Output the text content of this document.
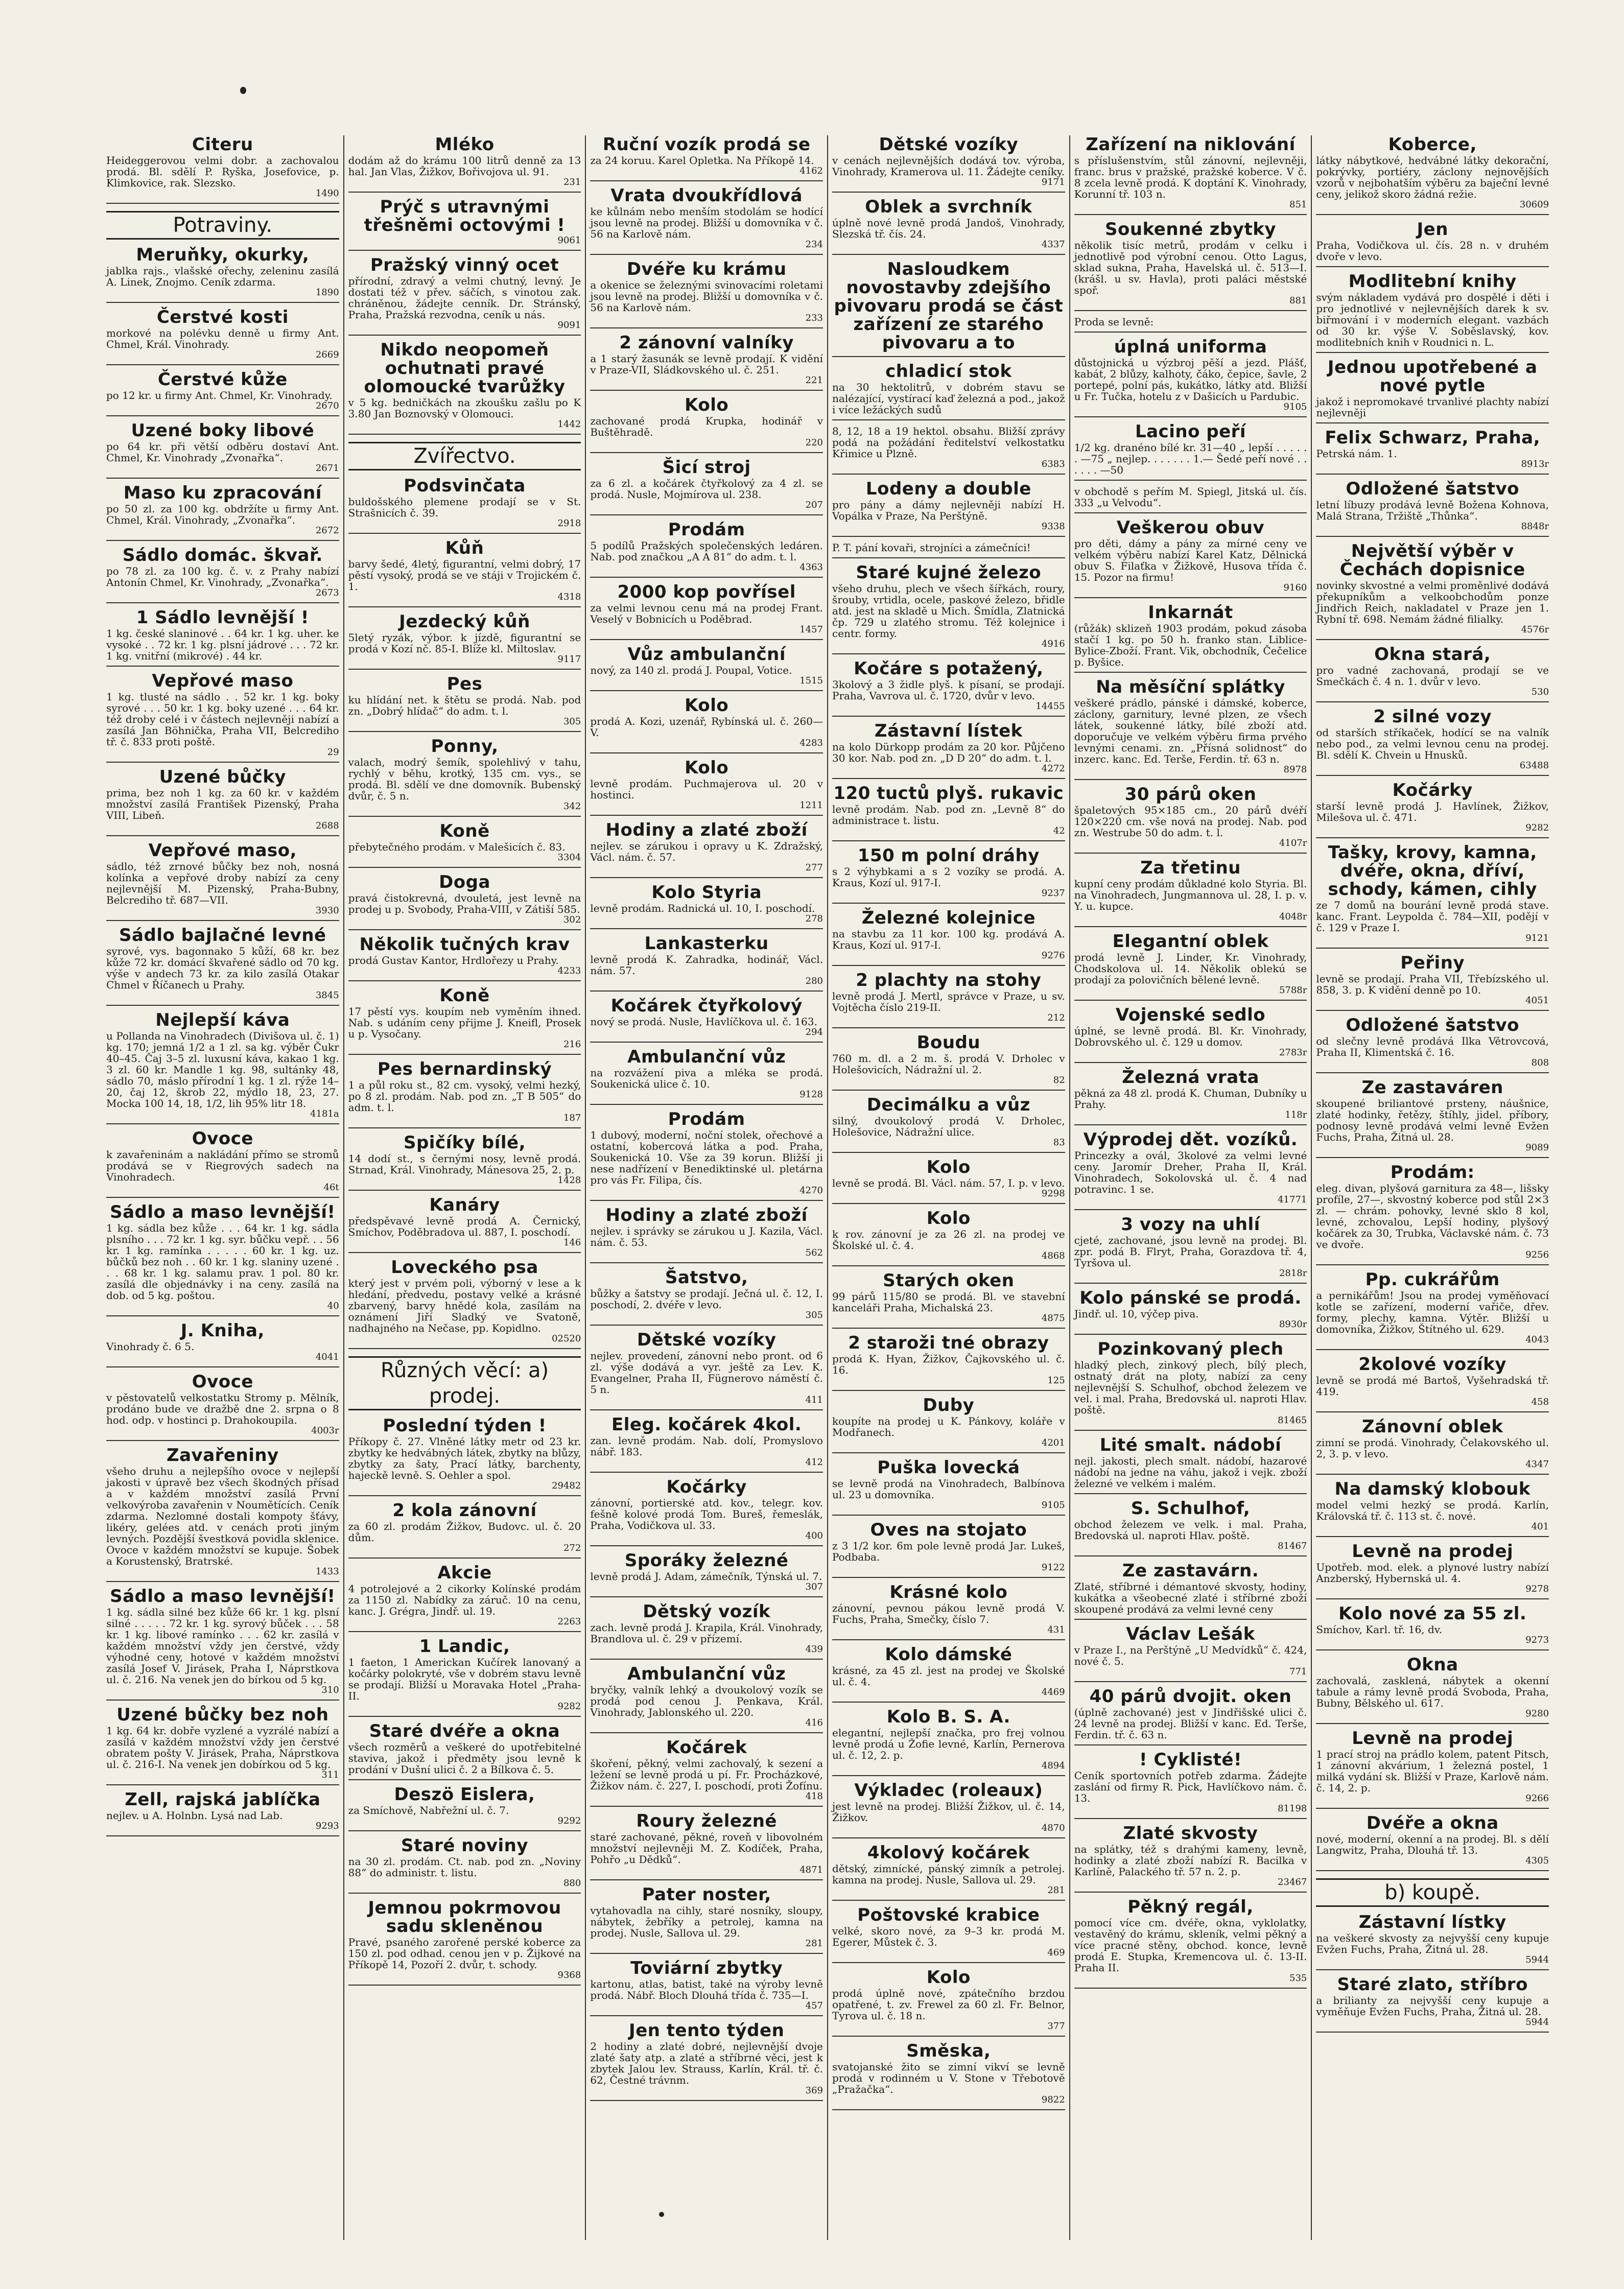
Citeru

Heideggerovou velmi dobr. a zachovalou prodá. Bl. sdělí P. Ryška, Josefovice, p. Klimkovice, rak. Slezsko.

1490
Potraviny.
Meruňky, okurky,

jablka rajs., vlašské ořechy, zeleninu zasílá A. Linek, Znojmo. Ceník zdarma.

1890
Čerstvé kosti

morkové na polévku denně u firmy Ant. Chmel, Král. Vinohrady.

2669
Čerstvé kůže

po 12 kr. u firmy Ant. Chmel, Kr. Vinohrady.

2670
Uzené boky libové

po 64 kr. při větší odběru dostaví Ant. Chmel, Kr. Vinohrady „Zvonařka“.

2671
Maso ku zpracování

po 50 zl. za 100 kg. obdržíte u firmy Ant. Chmel, Král. Vinohrady, „Zvonařka“.

2672
Sádlo domác. škvař.

po 78 zl. za 100 kg. č. v. z Prahy nabízí Antonín Chmel, Kr. Vinohrady, „Zvonařka“.

2673
1 Sádlo levnější !

1 kg. české slaninové . . 64 kr. 1 kg. uher. ke vysoké . . 72 kr. 1 kg. plsní jádrové . . . 72 kr. 1 kg. vnitřní (mikrové) . 44 kr.

Vepřové maso

1 kg. tlusté na sádlo . . 52 kr. 1 kg. boky syrové . . . 50 kr. 1 kg. boky uzené . . . 64 kr. též droby celé i v částech nejlevněji nabízí a zasílá Jan Böhnička, Praha VII, Belcrediho tř. č. 833 proti poště.

29
Uzené bůčky

prima, bez noh 1 kg. za 60 kr. v každém množství zasílá František Pizenský, Praha VIII, Libeň.

2688
Vepřové maso,

sádlo, též zrnové bůčky bez noh, nosná kolínka a vepřové droby nabízí za ceny nejlevnější M. Pizenský, Praha-Bubny, Belcrediho tř. 687—VII.

3930
Sádlo bajlačné levné

syrové, vys. bagonnako 5 kůží, 68 kr. bez kůže 72 kr. domácí škvařené sádlo od 70 kg. výše v andech 73 kr. za kilo zasílá Otakar Chmel v Říčanech u Prahy.

3845
Nejlepší káva

u Pollanda na Vinohradech (Divišova ul. č. 1) kg. 170; jemná 1/2 a 1 zl. sa kg. výběr Čukr 40–45. Čaj 3–5 zl. luxusní káva, kakao 1 kg. 3 zl. 60 kr. Mandle 1 kg. 98, sultánky 48, sádlo 70, máslo přírodní 1 kg. 1 zl. rýže 14–20, čaj 12, škrob 22, mýdlo 18, 23, 27. Mocka 100 14, 18, 1/2, lih 95% litr 18.

4181a
Ovoce

k zavařeninám a nakládání přímo se stromů prodává se v Riegrových sadech na Vinohradech.

46t
Sádlo a maso levnější!

1 kg. sádla bez kůže . . . 64 kr. 1 kg. sádla plsního . . . 72 kr. 1 kg. syr. bůčku vepř. . . 56 kr. 1 kg. ramínka . . . . . 60 kr. 1 kg. uz. bůčků bez noh . . 60 kr. 1 kg. slaniny uzené . . . 68 kr. 1 kg. salamu prav. 1 pol. 80 kr. zasílá dle objednávky i na ceny. zasílá na dob. od 5 kg. poštou.

40
J. Kniha,

Vinohrady č. 6 5.

4041
Ovoce

v pěstovatelů velkostatku Stromy p. Mělník, prodáno bude ve dražbě dne 2. srpna o 8 hod. odp. v hostinci p. Drahokoupila.

4003r
Zavařeniny

všeho druhu a nejlepšího ovoce v nejlepší jakosti v úpravě bez všech škodných přísad a v každém množství zasílá První velkovýroba zavařenin v Noumětících. Ceník zdarma. Nezlomné dostali kompoty šťávy, likéry, gelées atd. v cenách proti jiným levných. Pozdější švestková povidla sklenice. Ovoce v každém množství se kupuje. Šobek a Korustenský, Bratrské.

1433
Sádlo a maso levnější!

1 kg. sádla silné bez kůže 66 kr. 1 kg. plsní silné . . . . . 72 kr. 1 kg. syrový bůček . . . 58 kr. 1 kg. libové ramínko . . . 62 kr. zasílá v každém množství vždy jen čerstvé, vždy výhodné ceny, hotové v každém množství zasílá Josef V. Jirásek, Praha I, Náprstkova ul. č. 216. Na venek jen do bírkou od 5 kg.

310
Uzené bůčky bez noh

1 kg. 64 kr. dobře vyzlené a vyzrálé nabízí a zasílá v každém množství vždy jen čerstvé obratem pošty V. Jirásek, Praha, Náprstkova ul. č. 216-I. Na venek jen dobírkou od 5 kg.

311
Zell, rajská jablíčka

nejlev. u A. Holnbn. Lysá nad Lab.

9293
Mléko

dodám až do krámu 100 litrů denně za 13 hal. Jan Vlas, Žižkov, Bořivojova ul. 91.

231
Prýč s utravnými třešněmi octovými !
9061
Pražský vinný ocet

přírodní, zdravý a velmi chutný, levný. Je dostati též v přev. sáčích, s vinotou zak. chráněnou, žádejte cenník. Dr. Stránský, Praha, Pražská rezvodna, ceník u nás.

9091
Nikdo neopomeň ochutnati pravé olomoucké tvarůžky

v 5 kg. bedničkách na zkoušku zašlu po K 3.80 Jan Boznovský v Olomouci.

1442
Zvířectvo.
Podsvinčata

buldošského plemene prodají se v St. Strašnicích č. 39.

2918
Kůň

barvy šedé, 4letý, figurantní, velmi dobrý, 17 pěstí vysoký, prodá se ve stáji v Trojickém č. 1.

4318
Jezdecký kůň

5letý ryzák, výbor. k jízdě, figurantní se prodá v Kozí nč. 85-I. Blíže kl. Miltoslav.

9117
Pes

ku hlídání net. k štětu se prodá. Nab. pod zn. „Dobrý hlídač“ do adm. t. l.

305
Ponny,

valach, modrý šemík, spolehlivý v tahu, rychlý v běhu, krotký, 135 cm. vys., se prodá. Bl. sdělí ve dne domovník. Bubenský dvůr, č. 5 n.

342
Koně

přebytečného prodám. v Malešicích č. 83.

3304
Doga

pravá čistokrevná, dvouletá, jest levně na prodej u p. Svobody, Praha-VIII, v Zátiší 585.

302
Několik tučných krav

prodá Gustav Kantor, Hrdlořezy u Prahy.

4233
Koně

17 pěstí vys. koupím neb vyměním ihned. Nab. s udáním ceny přijme J. Kneifl, Prosek u p. Vysočany.

216
Pes bernardinský

1 a půl roku st., 82 cm. vysoký, velmi hezký, po 8 zl. prodám. Nab. pod zn. „T B 505“ do adm. t. l.

187
Spičíky bílé,

14 dodí st., s černými nosy, levně prodá. Strnad, Král. Vinohrady, Mánesova 25, 2. p.

1428
Kanáry

předspěvavé levně prodá A. Černický, Smíchov, Poděbradova ul. 887, I. poschodí.

146
Loveckého psa

který jest v prvém poli, výborný v lese a k hledání, předvedu, postavy velké a krásné zbarvený, barvy hnědé kola, zasílám na oznámení Jiří Sladký ve Svatoně, nadhajného na Nečase, pp. Kopidlno.

02520
Různých věcí: a) prodej.
Poslední týden !

Příkopy č. 27. Vlněné látky metr od 23 kr. zbytky ke hedvábných látek, zbytky na blůzy, zbytky za šaty, Prací látky, barchenty, hajeckě levně. S. Oehler a spol.

29482
2 kola zánovní

za 60 zl. prodám Žižkov, Budovc. ul. č. 20 dům.

272
Akcie

4 potrolejové a 2 cikorky Kolínské prodám za 1150 zl. Nabídky za záruč. 10 na cenu, kanc. J. Grégra, Jindř. ul. 19.

2263
1 Landic,

1 faeton, 1 Americkan Kučírek lanovaný a kočárky polokryté, vše v dobrém stavu levně se prodají. Bližší u Moravaka Hotel „Praha-II.

9282
Staré dvéře a okna

všech rozměrů a veškeré do upotřebitelné staviva, jakož i předměty jsou levně k prodání v Dušní ulici č. 2 a Bílkova č. 5.

Deszö Eislera,

za Smíchově, Nabřežní ul. č. 7.

9292
Staré noviny

na 30 zl. prodám. Ct. nab. pod zn. „Noviny 88“ do administr. t. listu.

880
Jemnou pokrmovou sadu skleněnou

Pravé, psaného zarořené perské koberce za 150 zl. pod odhad. cenou jen v p. Žijkové na Příkopě 14, Pozoří 2. dvůr, t. schody.

9368
Ruční vozík prodá se

za 24 koruu. Karel Opletka. Na Příkopě 14.

4162
Vrata dvoukřídlová

ke kůlnám nebo menším stodolám se hodící jsou levně na prodej. Bližší u domovníka v č. 56 na Karlově nám.

234
Dvéře ku krámu

a okenice se železnými svinovacími roletami jsou levně na prodej. Bližší u domovníka v č. 56 na Karlově nám.

233
2 zánovní valníky

a 1 starý žasunák se levně prodají. K vidění v Praze-VII, Sládkovského ul. č. 251.

221
Kolo

zachované prodá Krupka, hodinář v Buštěhradě.

220
Šicí stroj

za 6 zl. a kočárek čtyřkolový za 4 zl. se prodá. Nusle, Mojmírova ul. 238.

207
Prodám

5 podílů Pražských společenských ledáren. Nab. pod značkou „A A 81“ do adm. t. l.

4363
2000 kop povřísel

za velmi levnou cenu má na prodej Frant. Veselý v Bobnicích u Poděbrad.

1457
Vůz ambulanční

nový, za 140 zl. prodá J. Poupal, Votice.

1515
Kolo

prodá A. Kozi, uzenář, Rybínská ul. č. 260—V.

4283
Kolo

levně prodám. Puchmajerova ul. 20 v hostinci.

1211
Hodiny a zlaté zboží

nejlev. se zárukou i opravy u K. Zdražský, Václ. nám. č. 57.

277
Kolo Styria

levně prodám. Radnická ul. 10, I. poschodí.

278
Lankasterku

levně prodá K. Zahradka, hodinář, Václ. nám. 57.

280
Kočárek čtyřkolový

nový se prodá. Nusle, Havlíčkova ul. č. 163.

294
Ambulanční vůz

na rozvážení piva a mléka se prodá. Soukenická ulice č. 10.

9128
Prodám

1 dubový, moderní, noční stolek, ořechové a ostatní, kobercová látka a pod. Praha, Soukenická 10. Vše za 39 korun. Bližší ji nese nadřízení v Benediktinské ul. pletárna pro vás Fr. Filipa, čís.

4270
Hodiny a zlaté zboží

nejlev. i správky se zárukou u J. Kazila, Václ. nám. č. 53.

562
Šatstvo,

bůžky a šatstvy se prodají. Ječná ul. č. 12, I. poschodí, 2. dvéře v levo.

305
Dětské vozíky

nejlev. provedení, zánovní nebo pront. od 6 zl. výše dodává a vyr. ještě za Lev. K. Evangelner, Praha II, Fügnerovo náměstí č. 5 n.

411
Eleg. kočárek 4kol.

zan. levně prodám. Nab. dolí, Promyslovo nábř. 183.

412
Kočárky

zánovní, portierské atd. kov., telegr. kov. fešně kolové prodá Tom. Bureš, řemeslák, Praha, Vodičkova ul. 33.

400
Sporáky železné

levně prodá J. Adam, zámečník, Týnská ul. 7.

307
Dětský vozík

zach. levně prodá J. Krapila, Král. Vinohrady, Brandlova ul. č. 29 v přízemí.

439
Ambulanční vůz

bryčky, valník lehký a dvoukolový vozík se prodá pod cenou J. Penkava, Král. Vinohrady, Jablonského ul. 220.

416
Kočárek

škoření, pěkný, velmi zachovalý, k sezení a ležení se levně prodá u pí. Fr. Procházkové, Žižkov nám. č. 227, I. poschodí, proti Žofínu.

418
Roury železné

staré zachované, pěkné, roveň v libovolném množství nejlevněji M. Z. Kodíček, Praha, Pohřo „u Dědků“.

4871
Pater noster,

vytahovadla na cihly, staré nosníky, sloupy, nábytek, žebříky a petrolej, kamna na prodej. Nusle, Sallova ul. 29.

281
Toviární zbytky

kartonu, atlas, batist, také na výroby levně prodá. Nábř. Bloch Dlouhá třída č. 735—I.

457
Jen tento týden

2 hodiny a zlaté dobré, nejlevnější dvoje zlaté šaty atp. a zlaté a stříbrné věci, jest k zbytek Jalou lev. Strauss, Karlín, Král. tř. č. 62, Čestné trávnm.

369
Dětské vozíky

v cenách nejlevnějších dodává tov. výroba, Vinohrady, Kramerova ul. 11. Žádejte ceníky.

9171
Oblek a svrchník

úplně nové levně prodá Jandoš, Vinohrady, Slezská tř. čís. 24.

4337
Nasloudkem novostavby zdejšího pivovaru prodá se část zařízení ze starého pivovaru a to
chladicí stok

na 30 hektolitrů, v dobrém stavu se nalézající, vystírací kaď železná a pod., jakož i více ležáckých sudů

8, 12, 18 a 19 hektol. obsahu. Bližší zprávy podá na požádání ředitelství velkostatku Křimice u Plzně.

6383
Lodeny a double

pro pány a dámy nejlevněji nabízí H. Vopálka v Praze, Na Perštýně.

9338

P. T. pání kovaři, strojníci a zámečníci!

Staré kujné železo

všeho druhu, plech ve všech šířkách, roury, šrouby, vrtidla, ocele, paskové železo, břidle atd. jest na skladě u Mich. Šmídla, Zlatnická čp. 729 u zlatého stromu. Též kolejnice i centr. formy.

4916
Kočáre s potažený,

3kolový a 3 židle plyš. k písaní, se prodají. Praha, Vavrova ul. č. 1720, dvůr v levo.

14455
Zástavní lístek

na kolo Dürkopp prodám za 20 kor. Půjčeno 30 kor. Nab. pod zn. „D D 20“ do adm. t. l.

4272
120 tuctů plyš. rukavic

levně prodám. Nab. pod zn. „Levně 8“ do administrace t. listu.

42
150 m polní dráhy

s 2 výhybkami a s 2 vozíky se prodá. A. Kraus, Kozí ul. 917-I.

9237
Železné kolejnice

na stavbu za 11 kor. 100 kg. prodává A. Kraus, Kozí ul. 917-I.

9276
2 plachty na stohy

levně prodá J. Mertl, správce v Praze, u sv. Vojtěcha číslo 219-II.

212
Boudu

760 m. dl. a 2 m. š. prodá V. Drholec v Holešovicích, Nádražní ul. 2.

82
Decimálku a vůz

silný, dvoukolový prodá V. Drholec, Holešovice, Nádražní ulice.

83
Kolo

levně se prodá. Bl. Václ. nám. 57, I. p. v levo.

9298
Kolo

k rov. zánovní je za 26 zl. na prodej ve Školské ul. č. 4.

4868
Starých oken

99 párů 115/80 se prodá. Bl. ve stavební kanceláři Praha, Michalská 23.

4875
2 staroži tné obrazy

prodá K. Hyan, Žižkov, Čajkovského ul. č. 16.

125
Duby

koupíte na prodej u K. Pánkovy, koláře v Modřanech.

4201
Puška lovecká

se levně prodá na Vinohradech, Balbínova ul. 23 u domovníka.

9105
Oves na stojato

z 3 1/2 kor. 6m pole levně prodá Jar. Lukeš, Podbaba.

9122
Krásné kolo

zánovní, pevnou pákou levně prodá V. Fuchs, Praha, Smečky, číslo 7.

431
Kolo dámské

krásné, za 45 zl. jest na prodej ve Školské ul. č. 4.

4469
Kolo B. S. A.

elegantní, nejlepší značka, pro frej volnou levně prodá u Žofie levné, Karlín, Pernerova ul. č. 12, 2. p.

4894
Výkladec (roleaux)

jest levně na prodej. Bližší Žižkov, ul. č. 14, Žižkov.

4870
4kolový kočárek

dětský, zimnícké, pánský zimník a petrolej. kamna na prodej. Nusle, Sallova ul. 29.

281
Poštovské krabice

velké, skoro nové, za 9–3 kr. prodá M. Egerer, Můstek č. 3.

469
Kolo

prodá úplně nové, zpátečního brzdou opatřené, t. zv. Frewel za 60 zl. Fr. Belnor, Tyrova ul. č. 18 n.

377
Směska,

svatojanské žito se zimní vikví se levně prodá v rodinném u V. Stone v Třebotově „Pražačka“.

9822
Zařízení na niklování

s příslušenstvím, stůl zánovní, nejlevněji, franc. brus v pražské, pražské koberce. V č. 8 zcela levně prodá. K doptání K. Vinohrady, Korunní tř. 103 n.

851
Soukenné zbytky

několik tisíc metrů, prodám v celku i jednotlivě pod výrobní cenou. Otto Lagus, sklad sukna, Praha, Havelská ul. č. 513—I. (krášl. u sv. Havla), proti paláci městské spoř.

881

Proda se levně:

úplná uniforma

důstojnická u výzbroj pěší a jezd. Plášť, kabát, 2 blůzy, kalhoty, čáko, čepice, šavle, 2 portepé, polní pás, kukátko, látky atd. Bližší u Fr. Tučka, hotelu z v Dašicích u Pardubic.

9105
Lacino peří

1/2 kg. dranéno bílé kr. 31—40 „ lepší . . . . . . —75 „ nejlep. . . . . . . 1.— Šedé peří nové . . . . . . —50

v obchodě s peřím M. Spiegl, Jitská ul. čís. 333 „u Velvodu“.

Veškerou obuv

pro děti, dámy a pány za mírné ceny ve velkém výběru nabízí Karel Katz, Dělnická obuv S. Filaťka v Žižkově, Husova třída č. 15. Pozor na firmu!

9160
Inkarnát

(růžák) sklizeň 1903 prodám, pokud zásoba stačí 1 kg. po 50 h. franko stan. Liblice-Bylice-Zboží. Frant. Vik, obchodník, Čečelice p. Byšice.

Na měsíční splátky

veškeré prádlo, pánské i dámské, koberce, záclony, garnitury, levné plzen, ze všech látek, soukenné látky, bílé zboží atd. doporučuje ve velkém výběru firma prvého levnými cenami. zn. „Přísná solidnost“ do inzerc. kanc. Ed. Terše, Ferdin. tř. 63 n.

8978
30 párů oken

špaletových 95×185 cm., 20 párů dvéří 120×220 cm. vše nová na prodej. Nab. pod zn. Westrube 50 do adm. t. l.

4107r
Za třetinu

kupní ceny prodám důkladné kolo Styria. Bl. na Vinohradech, Jungmannova ul. 28, I. p. v. Y. u. kupce.

4048r
Elegantní oblek

prodá levně J. Linder, Kr. Vinohrady, Chodskolova ul. 14. Několik oblekú se prodají za polovičních bělené levně.

5788r
Vojenské sedlo

úplné, se levně prodá. Bl. Kr. Vinohrady, Dobrovského ul. č. 129 u domov.

2783r
Železná vrata

pěkná za 48 zl. prodá K. Chuman, Dubníky u Prahy.

118r
Výprodej dět. vozíků.

Princezky a ovál, 3kolové za velmi levné ceny. Jaromír Dreher, Praha II, Král. Vinohradech, Sokolovská ul. č. 4 nad potravinc. 1 se.

41771
3 vozy na uhlí

cjeté, zachované, jsou levně na prodej. Bl. zpr. podá B. Flryt, Praha, Gorazdova tř. 4, Tyršova ul.

2818r
Kolo pánské se prodá.

Jindř. ul. 10, výčep piva.

8930r
Pozinkovaný plech

hladký plech, zinkový plech, bílý plech, ostnatý drát na ploty, nabízí za ceny nejlevnější S. Schulhof, obchod železem ve vel. i mal. Praha, Bredovská ul. naproti Hlav. poště.

81465
Lité smalt. nádobí

nejl. jakosti, plech smalt. nádobí, hazarové nádobí na jedne na váhu, jakož i vejk. zboží železné ve velkém i malém.

S. Schulhof,

obchod železem ve velk. i mal. Praha, Bredovská ul. naproti Hlav. poště.

81467
Ze zastavárn.

Zlaté, stříbrné i démantové skvosty, hodiny, kukátka a všeobecné zlaté i stříbrné zboží skoupené prodává za velmi levné ceny

Václav Lešák

v Praze I., na Perštýně „U Medvídků“ č. 424, nové č. 5.

771
40 párů dvojit. oken

(úplně zachované) jest v Jindřišské ulici č. 24 levně na prodej. Bližší v kanc. Ed. Terše, Ferdin. tř. č. 63 n.

! Cyklisté!

Ceník sportovních potřeb zdarma. Žádejte zaslání od firmy R. Pick, Havlíčkovo nám. č. 13.

81198
Zlaté skvosty

na splátky, též s drahými kameny, levně, hodinky a zlaté zboží nabízí R. Bacilka v Karlíně, Palackého tř. 57 n. 2. p.

23467
Pěkný regál,

pomocí více cm. dvéře, okna, vyklolatky, vestavěný do krámu, skleník, velmi pěkný a více pracné stěny, obchod. konce, levně prodá E. Stupka, Kremencova ul. č. 13-II. Praha II.

535
Koberce,

látky nábytkové, hedvábné látky dekorační, pokrývky, portiéry, záclony nejnovějších vzorů v nejbohatším výběru za baječní levné ceny, jelikož skoro žádná režie.

30609
Jen

Praha, Vodičkova ul. čís. 28 n. v druhém dvoře v levo.

Modlitební knihy

svým nákladem vydává pro dospělé i děti i pro jednotlivé v nejlevnějších darek k sv. biřmování i v moderních elegant. vazbách od 30 kr. výše V. Soběslavský, kov. modlitebních knih v Roudnici n. L.

Jednou upotřebené a nové pytle

jakož i nepromokavé trvanlivé plachty nabízí nejlevněji

Felix Schwarz, Praha,

Petrská nám. 1.

8913r
Odložené šatstvo

letní líbuzy prodává levně Božena Kohnova, Malá Strana, Tržiště „Thůnka“.

8848r
Největší výběr v Čechách dopisnice

novinky skvostné a velmi proměnlivé dodává překupníkům a velkoobchodům ponze Jindřich Reich, nakladatel v Praze jen 1. Rybní tř. 698. Nemám žádné filialky.

4576r
Okna stará,

pro vadné zachovaná, prodají se ve Smečkách č. 4 n. 1. dvůr v levo.

530
2 silné vozy

od starších stříkaček, hodící se na valník nebo pod., za velmi levnou cenu na prodej. Bl. sdělí K. Chvein u Hnusků.

63488
Kočárky

starší levně prodá J. Havlínek, Žižkov, Milešova ul. č. 471.

9282
Tašky, krovy, kamna, dvéře, okna, dříví, schody, kámen, cihly

ze 7 domů na bourání levně prodá stave. kanc. Frant. Leypolda č. 784—XII, podějí v č. 129 v Praze I.

9121
Peřiny

levně se prodají. Praha VII, Třebízského ul. 858, 3. p. K vidění denně po 10.

4051
Odložené šatstvo

od slečny levně prodává Ilka Větrovcová, Praha II, Klimentská č. 16.

808
Ze zastaváren

skoupené briliantové prsteny, náušnice, zlaté hodinky, řetězy, štíhly, jidel. příbory, podnosy levně prodává velmi levně Evžen Fuchs, Praha, Žitná ul. 28.

9089
Prodám:

eleg. divan, plyšová garnitura za 48—, lišsky profíle, 27—, skvostný koberce pod stůl 2×3 zl. — chrám. pohovky, levné sklo 8 kol, levné, zchovalou, Lepší hodiny, plyšový kočárek za 30, Trubka, Václavské nám. č. 73 ve dvoře.

9256
Pp. cukrářům

a pernikářům! Jsou na prodej vyměňovací kotle se zařízení, moderní vařiče, dřev. formy, plechy, kamna. Výtěr. Bližší u domovníka, Žižkov, Štítného ul. 629.

4043
2kolové vozíky

levně se prodá mé Bartoš, Vyšehradská tř. 419.

458
Zánovní oblek

zimní se prodá. Vinohrady, Čelakovského ul. 2, 3. p. v levo.

4347
Na damský klobouk

model velmi hezký se prodá. Karlín, Královská tř. č. 113 st. č. nové.

401
Levně na prodej

Upotřeb. mod. elek. a plynové lustry nabízí Anzberský, Hybernská ul. 4.

9278
Kolo nové za 55 zl.

Smíchov, Karl. tř. 16, dv.

9273
Okna

zachovalá, zasklená, nábytek a okenní tabule a rámy levně prodá Svoboda, Praha, Bubny, Bělského ul. 617.

9280
Levně na prodej

1 prací stroj na prádlo kolem, patent Pitsch, 1 zánovní akvárium, 1 železná postel, 1 milká vydání sk. Bližší v Praze, Karlově nám. č. 14, 2. p.

9266
Dvéře a okna

nové, moderní, okenní a na prodej. Bl. s dělí Langwitz, Praha, Dlouhá tř. 13.

4305
b) koupě.
Zástavní lístky

na veškeré skvosty za nejvyšší ceny kupuje Evžen Fuchs, Praha, Žitná ul. 28.

5944
Staré zlato, stříbro

a brilianty za nejvyšší ceny kupuje a vyměňuje Evžen Fuchs, Praha, Žitná ul. 28.

5944
